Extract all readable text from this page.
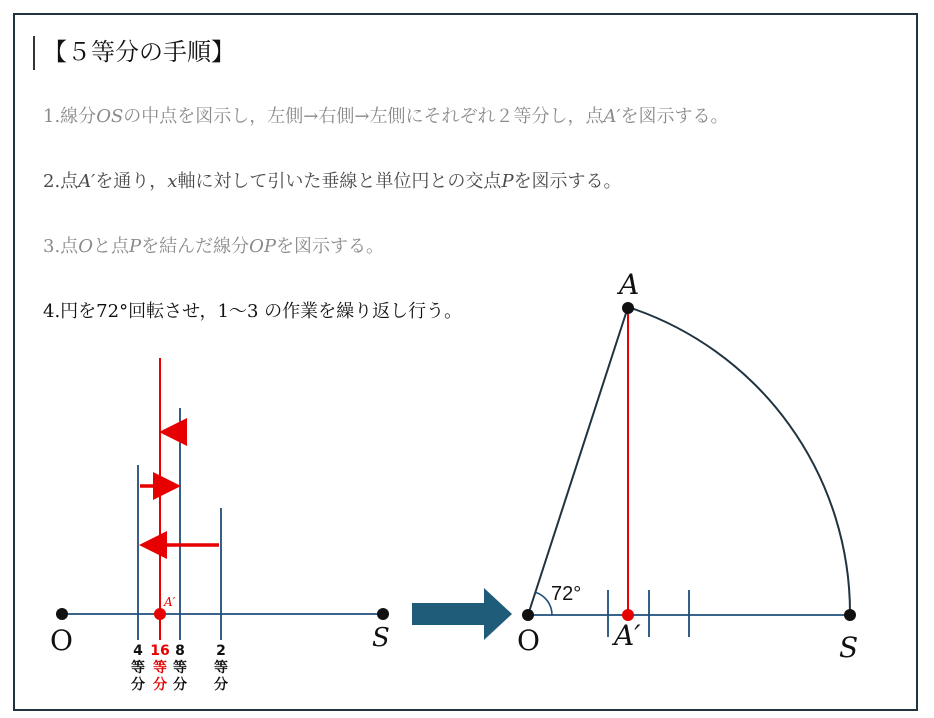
【５等分の手順】
1.線分OSの中点を図示し，左側→右側→左側にそれぞれ２等分し，点A′を図示する。
2.点A′を通り，x軸に対して引いた垂線と単位円との交点Pを図示する。
3.点Oと点Pを結んだ線分OPを図示する。
4.円を72°回転させ，1～3 の作業を繰り返し行う。
O	S
A′
4
等
分
16
等
分
8
等
分
2
等
分
O	S
A
A′
72°
